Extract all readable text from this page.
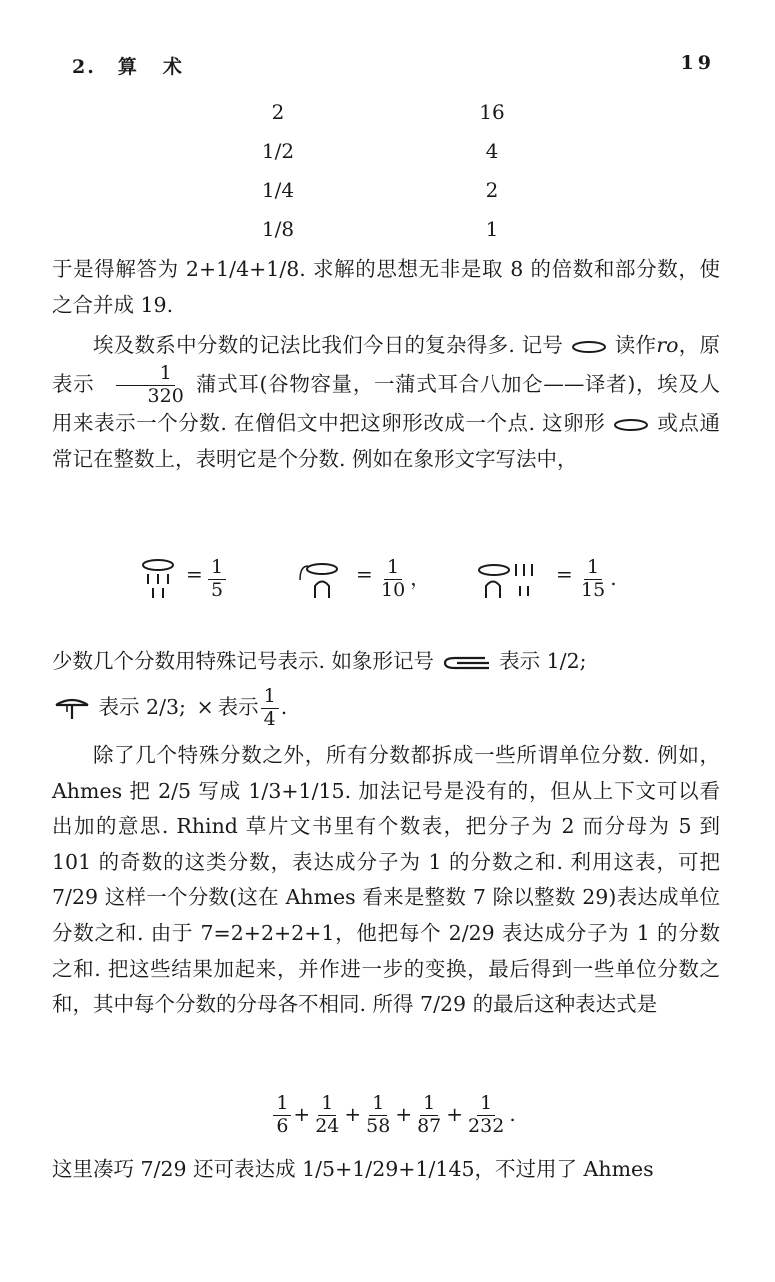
2. 算术	19
2	16
1/2	4
1/4	2
1/8	1

于是得解答为 2+1/4+1/8. 求解的思想无非是取 8 的倍数和部分数，使之合并成 19.

埃及数系中分数的记法比我们今日的复杂得多. 记号	读作ro，原表示 $\frac{1}{320}$ 蒲式耳(谷物容量，一蒲式耳合八加仑——译者)，埃及人用来表示一个分数. 在僧侣文中把这卵形改成一个点. 这卵形	或点通常记在整数上，表明它是个分数. 例如在象形文字写法中，

= $\frac{1}{5}$	= $\frac{1}{10}$ ，	= $\frac{1}{15}$ .

少数几个分数用特殊记号表示. 如象形记号	表示 1/2;
表示 2/3; × 表示 $\frac{1}{4}$ .

除了几个特殊分数之外，所有分数都拆成一些所谓单位分数. 例如，Ahmes 把 2/5 写成 1/3+1/15. 加法记号是没有的，但从上下文可以看出加的意思. Rhind 草片文书里有个数表，把分子为 2 而分母为 5 到 101 的奇数的这类分数，表达成分子为 1 的分数之和. 利用这表，可把 7/29 这样一个分数(这在 Ahmes 看来是整数 7 除以整数 29)表达成单位分数之和. 由于 7=2+2+2+1，他把每个 2/29 表达成分子为 1 的分数之和. 把这些结果加起来，并作进一步的变换，最后得到一些单位分数之和，其中每个分数的分母各不相同. 所得 7/29 的最后这种表达式是

$\frac{1}{6} + \frac{1}{24} + \frac{1}{58} + \frac{1}{87} + \frac{1}{232}$ .

这里凑巧 7/29 还可表达成 1/5+1/29+1/145，不过用了 Ahmes
